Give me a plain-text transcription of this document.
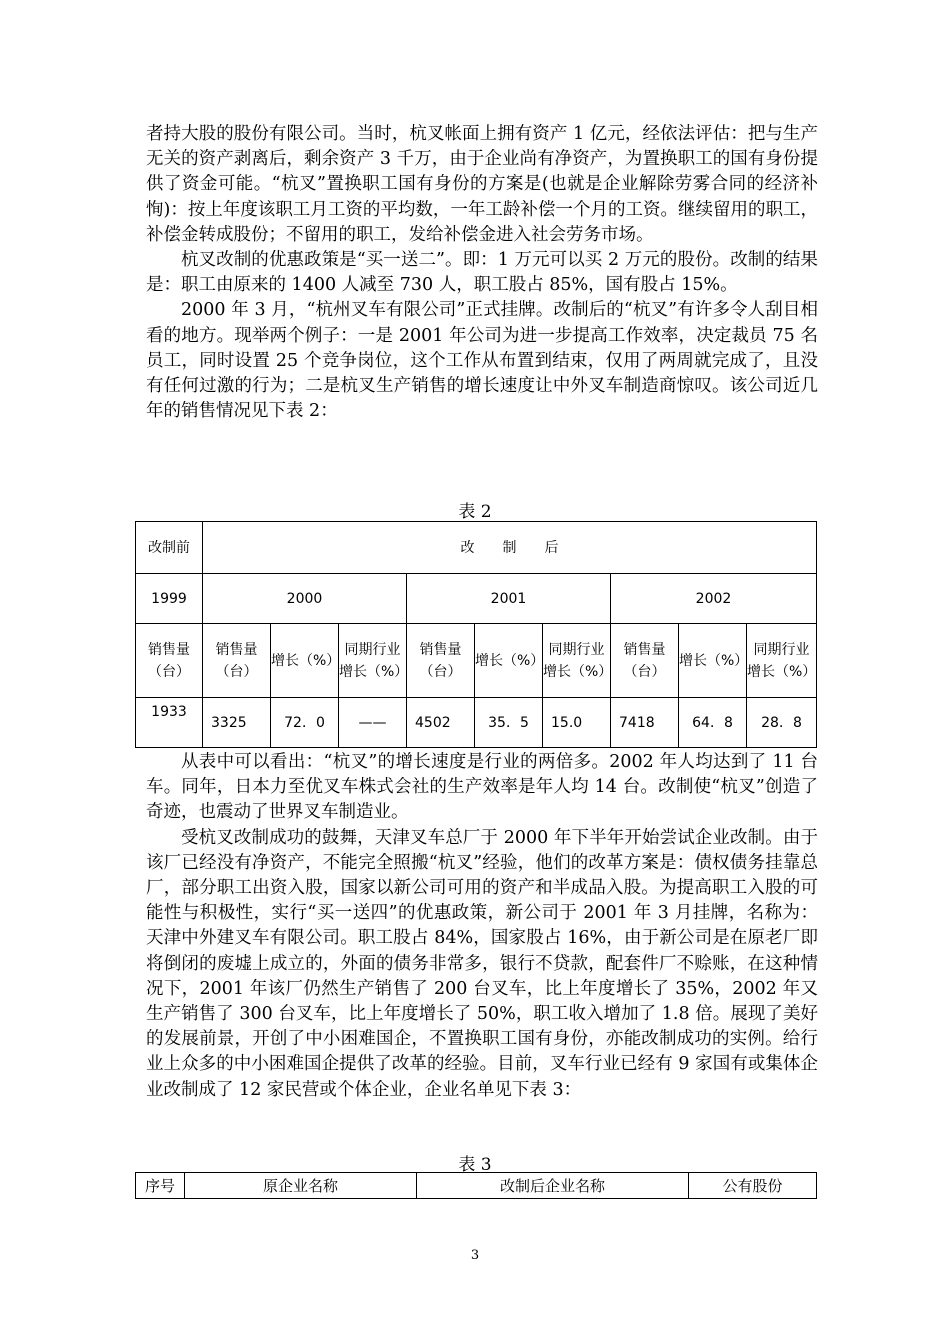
者持大股的股份有限公司。当时，杭叉帐面上拥有资产 1 亿元，经依法评估：把与生产无关的资产剥离后，剩余资产 3 千万，由于企业尚有净资产，为置换职工的国有身份提供了资金可能。“杭叉”置换职工国有身份的方案是(也就是企业解除劳雾合同的经济补恂)：按上年度该职工月工资的平均数，一年工龄补偿一个月的工资。继续留用的职工，补偿金转成股份；不留用的职工，发给补偿金进入社会劳务市场。

杭叉改制的优惠政策是“买一送二”。即：1 万元可以买 2 万元的股份。改制的结果是：职工由原来的 1400 人减至 730 人，职工股占 85%，国有股占 15%。

2000 年 3 月，“杭州叉车有限公司”正式挂牌。改制后的“杭叉”有许多令人刮目相看的地方。现举两个例子：一是 2001 年公司为进一步提高工作效率，决定裁员 75 名员工，同时设置 25 个竞争岗位，这个工作从布置到结束，仅用了两周就完成了，且没有任何过激的行为；二是杭叉生产销售的增长速度让中外叉车制造商惊叹。该公司近几年的销售情况见下表 2：

表 2
改制前	改　　制　　后								
1999	2000			2001			2002		
销售量（台）	销售量（台）	增长（%）	同期行业增长（%）	销售量（台）	增长（%）	同期行业增长（%）	销售量（台）	增长（%）	同期行业增长（%）
1933	3325	72．0	——	4502	35．5	15.0	7418	64．8	28．8

从表中可以看出：“杭叉”的增长速度是行业的两倍多。2002 年人均达到了 11 台车。同年，日本力至优叉车株式会社的生产效率是年人均 14 台。改制使“杭叉”创造了奇迹，也震动了世界叉车制造业。

受杭叉改制成功的鼓舞，天津叉车总厂于 2000 年下半年开始尝试企业改制。由于该厂已经没有净资产，不能完全照搬“杭叉”经验，他们的改革方案是：债权债务挂靠总厂，部分职工出资入股，国家以新公司可用的资产和半成品入股。为提高职工入股的可能性与积极性，实行“买一送四”的优惠政策，新公司于 2001 年 3 月挂牌，名称为：天津中外建叉车有限公司。职工股占 84%，国家股占 16%，由于新公司是在原老厂即将倒闭的废墟上成立的，外面的债务非常多，银行不贷款，配套件厂不赊账，在这种情况下，2001 年该厂仍然生产销售了 200 台叉车，比上年度增长了 35%，2002 年又生产销售了 300 台叉车，比上年度增长了 50%，职工收入增加了 1.8 倍。展现了美好的发展前景，开创了中小困难国企，不置换职工国有身份，亦能改制成功的实例。给行业上众多的中小困难国企提供了改革的经验。目前，叉车行业已经有 9 家国有或集体企业改制成了 12 家民营或个体企业，企业名单见下表 3：

表 3
序号	原企业名称	改制后企业名称	公有股份
3
